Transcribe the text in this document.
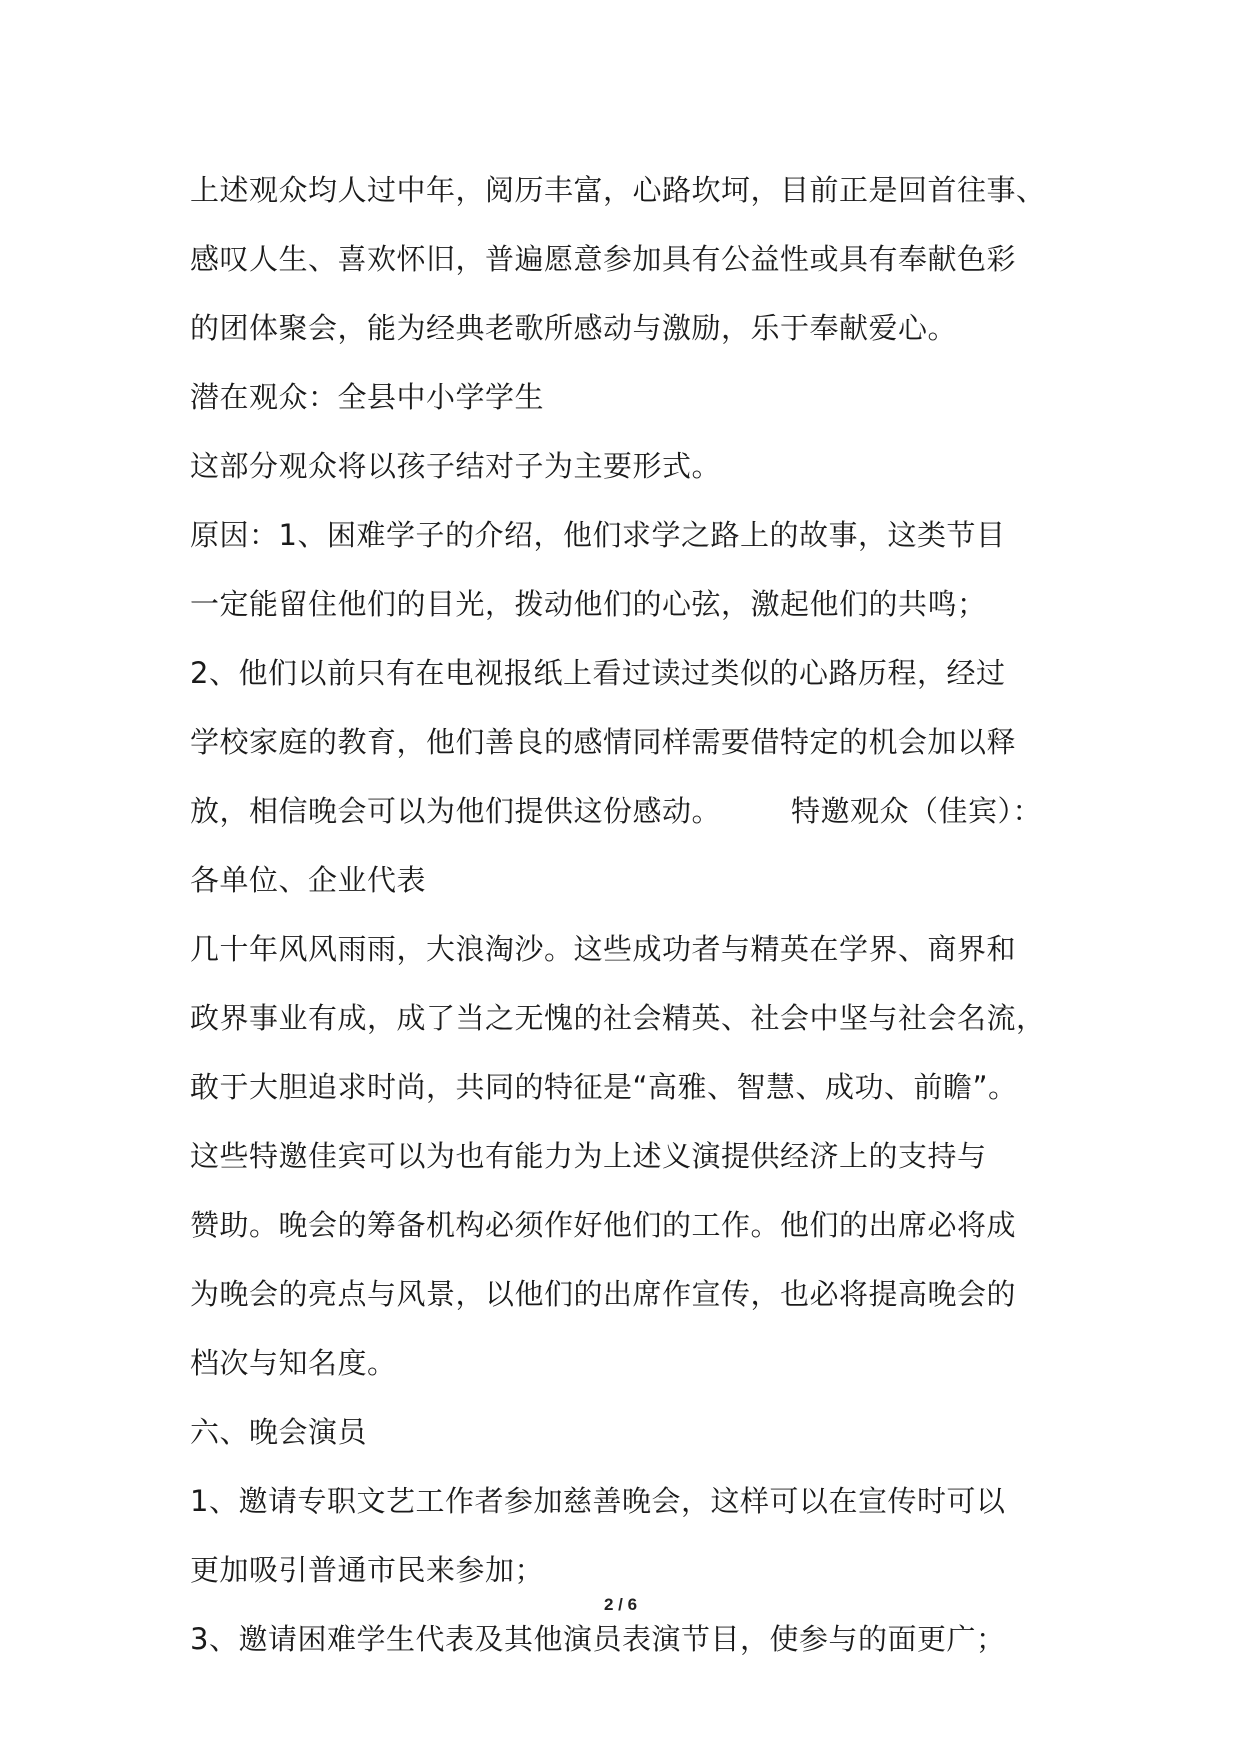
上述观众均人过中年，阅历丰富，心路坎坷，目前正是回首往事、
感叹人生、喜欢怀旧，普遍愿意参加具有公益性或具有奉献色彩
的团体聚会，能为经典老歌所感动与激励，乐于奉献爱心。
潜在观众：全县中小学学生
这部分观众将以孩子结对子为主要形式。
原因：1、困难学子的介绍，他们求学之路上的故事，这类节目
一定能留住他们的目光，拨动他们的心弦，激起他们的共鸣；
2、他们以前只有在电视报纸上看过读过类似的心路历程，经过
学校家庭的教育，他们善良的感情同样需要借特定的机会加以释
放，相信晚会可以为他们提供这份感动。 特邀观众（佳宾）：
各单位、企业代表
几十年风风雨雨，大浪淘沙。这些成功者与精英在学界、商界和
政界事业有成，成了当之无愧的社会精英、社会中坚与社会名流，
敢于大胆追求时尚，共同的特征是“高雅、智慧、成功、前瞻”。
这些特邀佳宾可以为也有能力为上述义演提供经济上的支持与
赞助。晚会的筹备机构必须作好他们的工作。他们的出席必将成
为晚会的亮点与风景，以他们的出席作宣传，也必将提高晚会的
档次与知名度。
六、晚会演员
1、邀请专职文艺工作者参加慈善晚会，这样可以在宣传时可以
更加吸引普通市民来参加；
3、邀请困难学生代表及其他演员表演节目，使参与的面更广；
2 / 6
